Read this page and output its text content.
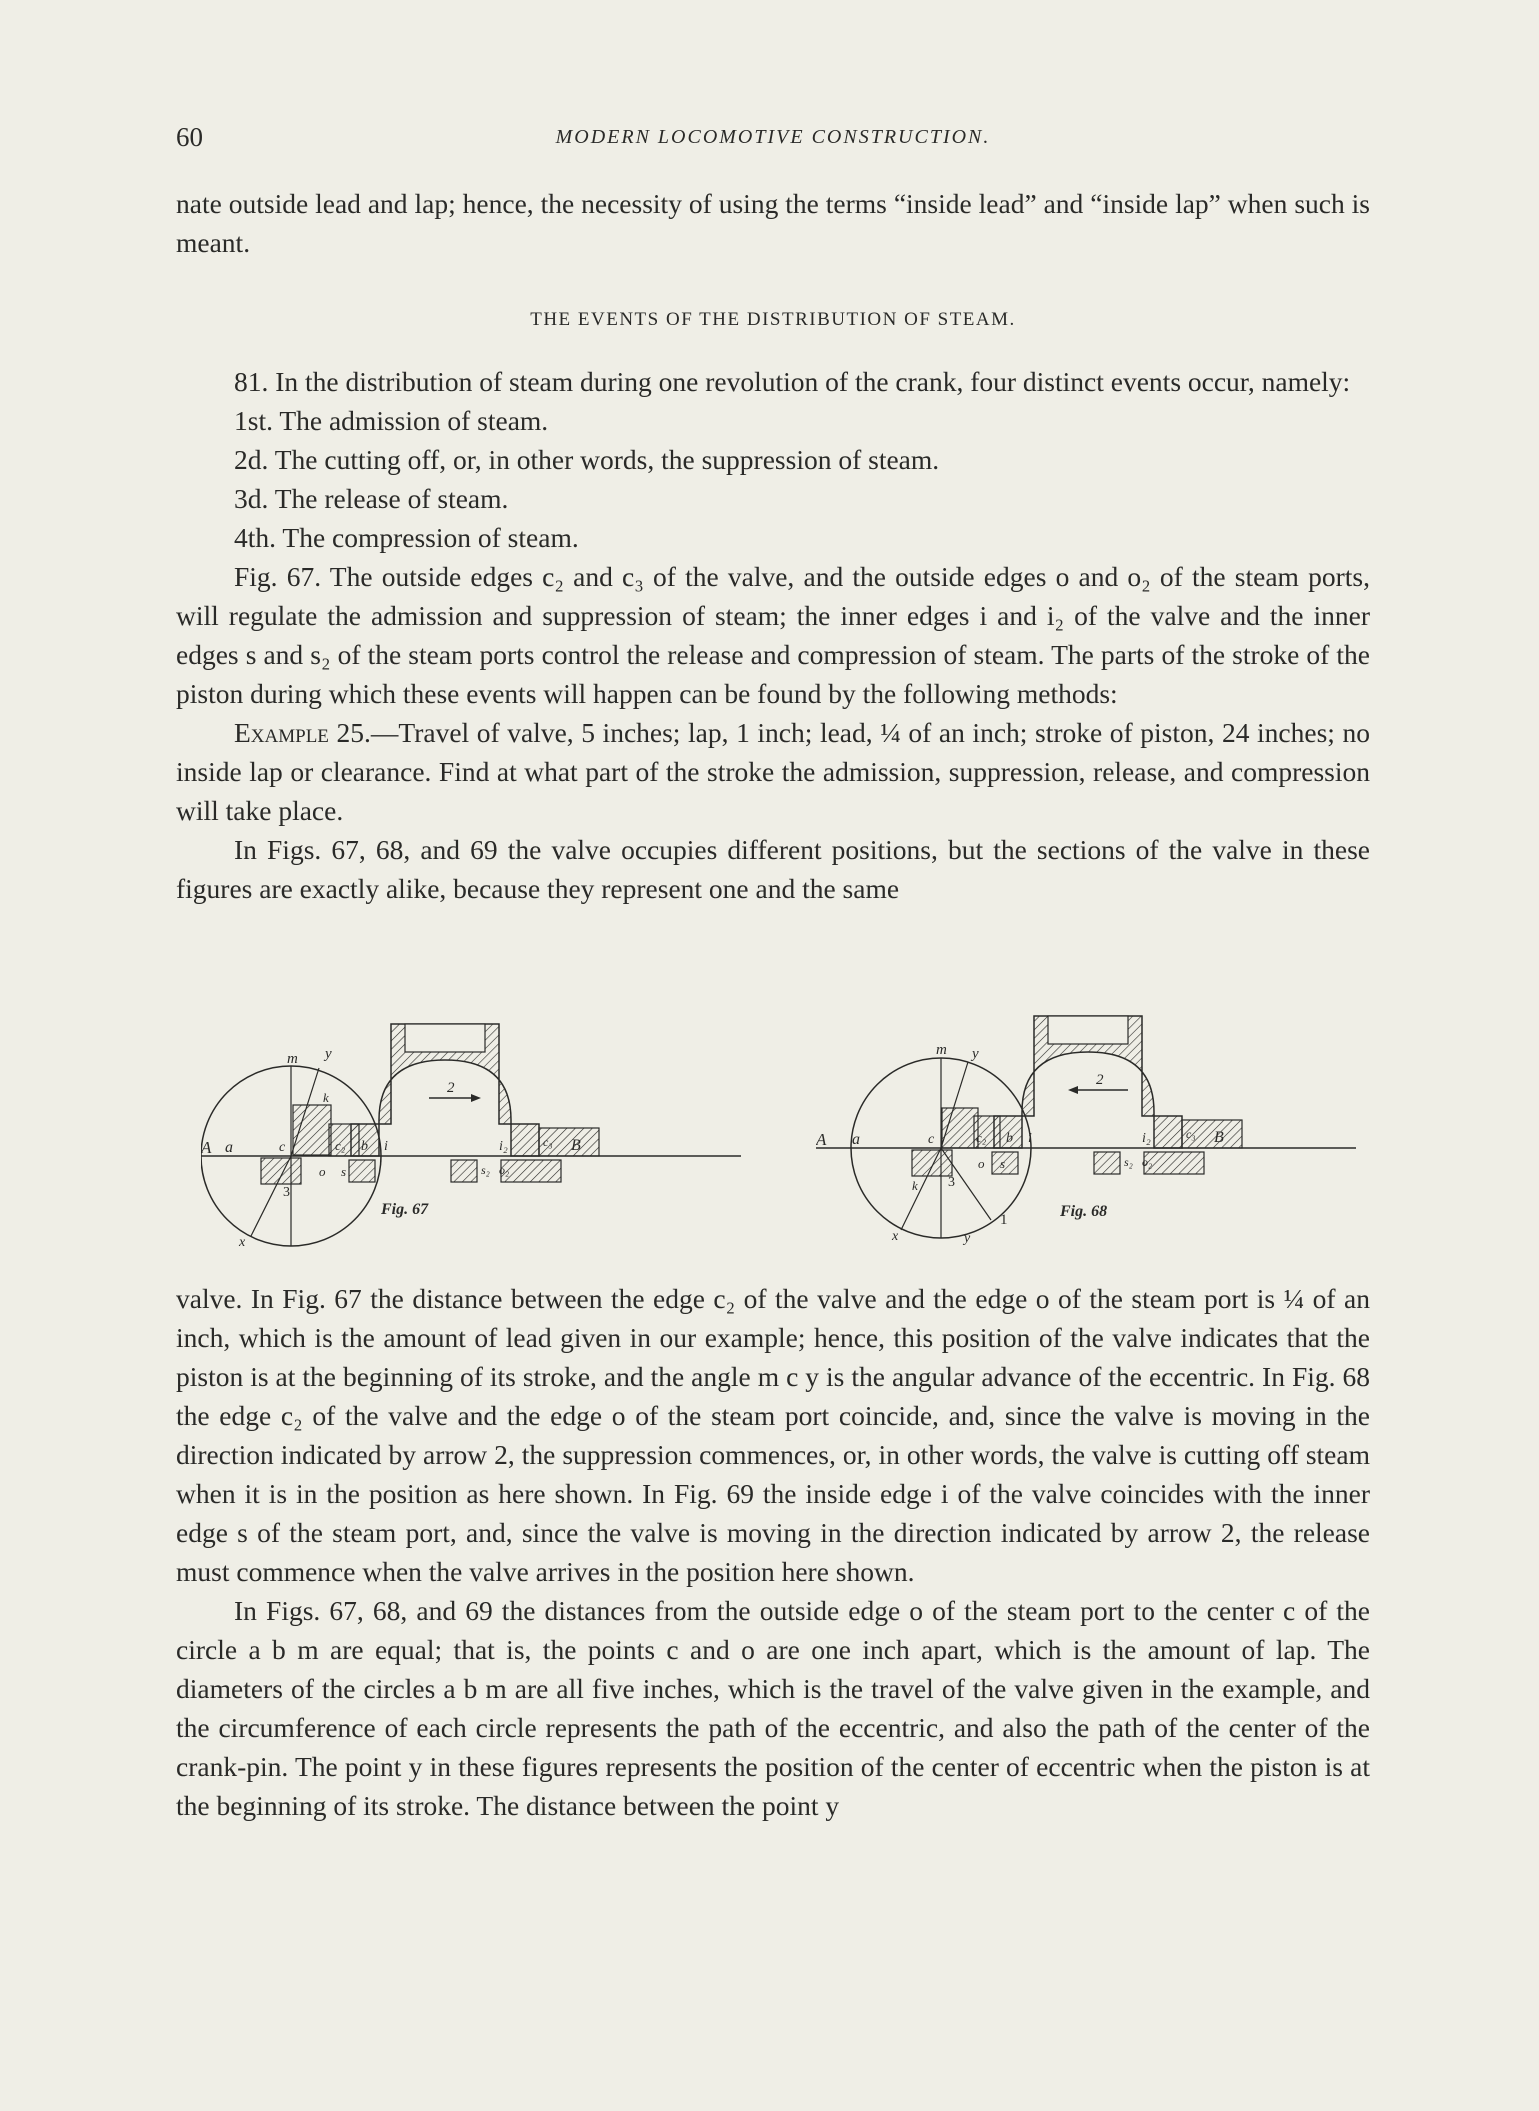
60	MODERN LOCOMOTIVE CONSTRUCTION.

nate outside lead and lap; hence, the necessity of using the terms “inside lead” and “inside lap” when such is meant.

THE EVENTS OF THE DISTRIBUTION OF STEAM.

81. In the distribution of steam during one revolution of the crank, four distinct events occur, namely:

1st. The admission of steam.

2d. The cutting off, or, in other words, the suppression of steam.

3d. The release of steam.

4th. The compression of steam.

Fig. 67. The outside edges c₂ and c₃ of the valve, and the outside edges o and o₂ of the steam ports, will regulate the admission and suppression of steam; the inner edges i and i₂ of the valve and the inner edges s and s₂ of the steam ports control the release and compression of steam. The parts of the stroke of the piston during which these events will happen can be found by the following methods:

Example 25.—Travel of valve, 5 inches; lap, 1 inch; lead, ¼ of an inch; stroke of piston, 24 inches; no inside lap or clearance. Find at what part of the stroke the admission, suppression, release, and compression will take place.

In Figs. 67, 68, and 69 the valve occupies different positions, but the sections of the valve in these figures are exactly alike, because they represent one and the same

A a
m y
x
c
k
3
o s
c₂ b i	i₂	c₃ B
s₂ o₂
2
Fig. 67
A a
m y
x	y
1
k 3
c
o s
c₂ b i	i₂	c₃ B
s₂ o₂
2
Fig. 68

valve. In Fig. 67 the distance between the edge c₂ of the valve and the edge o of the steam port is ¼ of an inch, which is the amount of lead given in our example; hence, this position of the valve indicates that the piston is at the beginning of its stroke, and the angle m c y is the angular advance of the eccentric. In Fig. 68 the edge c₂ of the valve and the edge o of the steam port coincide, and, since the valve is moving in the direction indicated by arrow 2, the suppression commences, or, in other words, the valve is cutting off steam when it is in the position as here shown. In Fig. 69 the inside edge i of the valve coincides with the inner edge s of the steam port, and, since the valve is moving in the direction indicated by arrow 2, the release must commence when the valve arrives in the position here shown.

In Figs. 67, 68, and 69 the distances from the outside edge o of the steam port to the center c of the circle a b m are equal; that is, the points c and o are one inch apart, which is the amount of lap. The diameters of the circles a b m are all five inches, which is the travel of the valve given in the example, and the circumference of each circle represents the path of the eccentric, and also the path of the center of the crank-pin. The point y in these figures represents the position of the center of eccentric when the piston is at the beginning of its stroke. The distance between the point y
